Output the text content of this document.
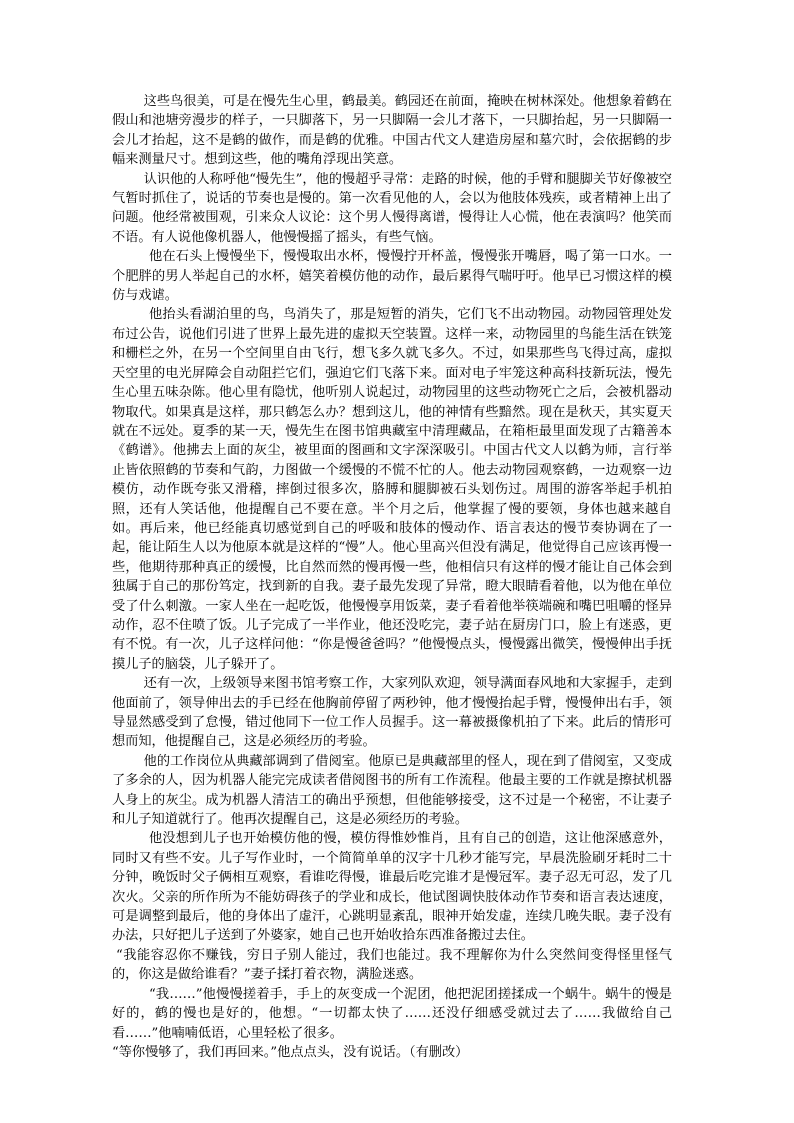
这些鸟很美，可是在慢先生心里，鹤最美。鹤园还在前面，掩映在树林深处。他想象着鹤在假山和池塘旁漫步的样子，一只脚落下，另一只脚隔一会儿才落下，一只脚抬起，另一只脚隔一会儿才抬起，这不是鹤的做作，而是鹤的优雅。中国古代文人建造房屋和墓穴时，会依据鹤的步幅来测量尺寸。想到这些，他的嘴角浮现出笑意。

认识他的人称呼他“慢先生”，他的慢超乎寻常：走路的时候，他的手臂和腿脚关节好像被空气暂时抓住了，说话的节奏也是慢的。第一次看见他的人，会以为他肢体残疾，或者精神上出了问题。他经常被围观，引来众人议论：这个男人慢得离谱，慢得让人心慌，他在表演吗？他笑而不语。有人说他像机器人，他慢慢摇了摇头，有些气恼。

他在石头上慢慢坐下，慢慢取出水杯，慢慢拧开杯盖，慢慢张开嘴唇，喝了第一口水。一个肥胖的男人举起自己的水杯，嬉笑着模仿他的动作，最后累得气喘吁吁。他早已习惯这样的模仿与戏谑。

他抬头看湖泊里的鸟，鸟消失了，那是短暂的消失，它们飞不出动物园。动物园管理处发布过公告，说他们引进了世界上最先进的虚拟天空装置。这样一来，动物园里的鸟能生活在铁笼和栅栏之外，在另一个空间里自由飞行，想飞多久就飞多久。不过，如果那些鸟飞得过高，虚拟天空里的电光屏障会自动阻拦它们，强迫它们飞落下来。面对电子牢笼这种高科技新玩法，慢先生心里五味杂陈。他心里有隐忧，他听别人说起过，动物园里的这些动物死亡之后，会被机器动物取代。如果真是这样，那只鹤怎么办？想到这儿，他的神情有些黯然。现在是秋天，其实夏天就在不远处。夏季的某一天，慢先生在图书馆典藏室中清理藏品，在箱柜最里面发现了古籍善本《鹤谱》。他拂去上面的灰尘，被里面的图画和文字深深吸引。中国古代文人以鹤为师，言行举止皆依照鹤的节奏和气韵，力图做一个缓慢的不慌不忙的人。他去动物园观察鹤，一边观察一边模仿，动作既夸张又滑稽，摔倒过很多次，胳膊和腿脚被石头划伤过。周围的游客举起手机拍照，还有人笑话他，他提醒自己不要在意。半个月之后，他掌握了慢的要领，身体也越来越自如。再后来，他已经能真切感觉到自己的呼吸和肢体的慢动作、语言表达的慢节奏协调在了一起，能让陌生人以为他原本就是这样的“慢”人。他心里高兴但没有满足，他觉得自己应该再慢一些，他期待那种真正的缓慢，比自然而然的慢再慢一些，他相信只有这样的慢才能让自己体会到独属于自己的那份笃定，找到新的自我。妻子最先发现了异常，瞪大眼睛看着他，以为他在单位受了什么刺激。一家人坐在一起吃饭，他慢慢享用饭菜，妻子看着他举筷端碗和嘴巴咀嚼的怪异动作，忍不住喷了饭。儿子完成了一半作业，他还没吃完，妻子站在厨房门口，脸上有迷惑，更有不悦。有一次，儿子这样问他：“你是慢爸爸吗？”他慢慢点头，慢慢露出微笑，慢慢伸出手抚摸儿子的脑袋，儿子躲开了。

还有一次，上级领导来图书馆考察工作，大家列队欢迎，领导满面春风地和大家握手，走到他面前了，领导伸出去的手已经在他胸前停留了两秒钟，他才慢慢抬起手臂，慢慢伸出右手，领导显然感受到了怠慢，错过他同下一位工作人员握手。这一幕被摄像机拍了下来。此后的情形可想而知，他提醒自己，这是必须经历的考验。

他的工作岗位从典藏部调到了借阅室。他原已是典藏部里的怪人，现在到了借阅室，又变成了多余的人，因为机器人能完完成读者借阅图书的所有工作流程。他最主要的工作就是擦拭机器人身上的灰尘。成为机器人清洁工的确出乎预想，但他能够接受，这不过是一个秘密，不让妻子和儿子知道就行了。他再次提醒自己，这是必须经历的考验。

他没想到儿子也开始模仿他的慢，模仿得惟妙惟肖，且有自己的创造，这让他深感意外，同时又有些不安。儿子写作业时，一个简简单单的汉字十几秒才能写完，早晨洗脸刷牙耗时二十分钟，晚饭时父子俩相互观察，看谁吃得慢，谁最后吃完谁才是慢冠军。妻子忍无可忍，发了几次火。父亲的所作所为不能妨碍孩子的学业和成长，他试图调快肢体动作节奏和语言表达速度，可是调整到最后，他的身体出了虚汗，心跳明显紊乱，眼神开始发虚，连续几晚失眠。妻子没有办法，只好把儿子送到了外婆家，她自己也开始收拾东西准备搬过去住。

“我能容忍你不赚钱，穷日子别人能过，我们也能过。我不理解你为什么突然间变得怪里怪气的，你这是做给谁看？”妻子揉打着衣物，满脸迷惑。

“我……”他慢慢搓着手，手上的灰变成一个泥团，他把泥团搓揉成一个蜗牛。蜗牛的慢是好的，鹤的慢也是好的，他想。“一切都太快了……还没仔细感受就过去了……我做给自己看……”他喃喃低语，心里轻松了很多。

“等你慢够了，我们再回来。”他点点头，没有说话。（有删改）
